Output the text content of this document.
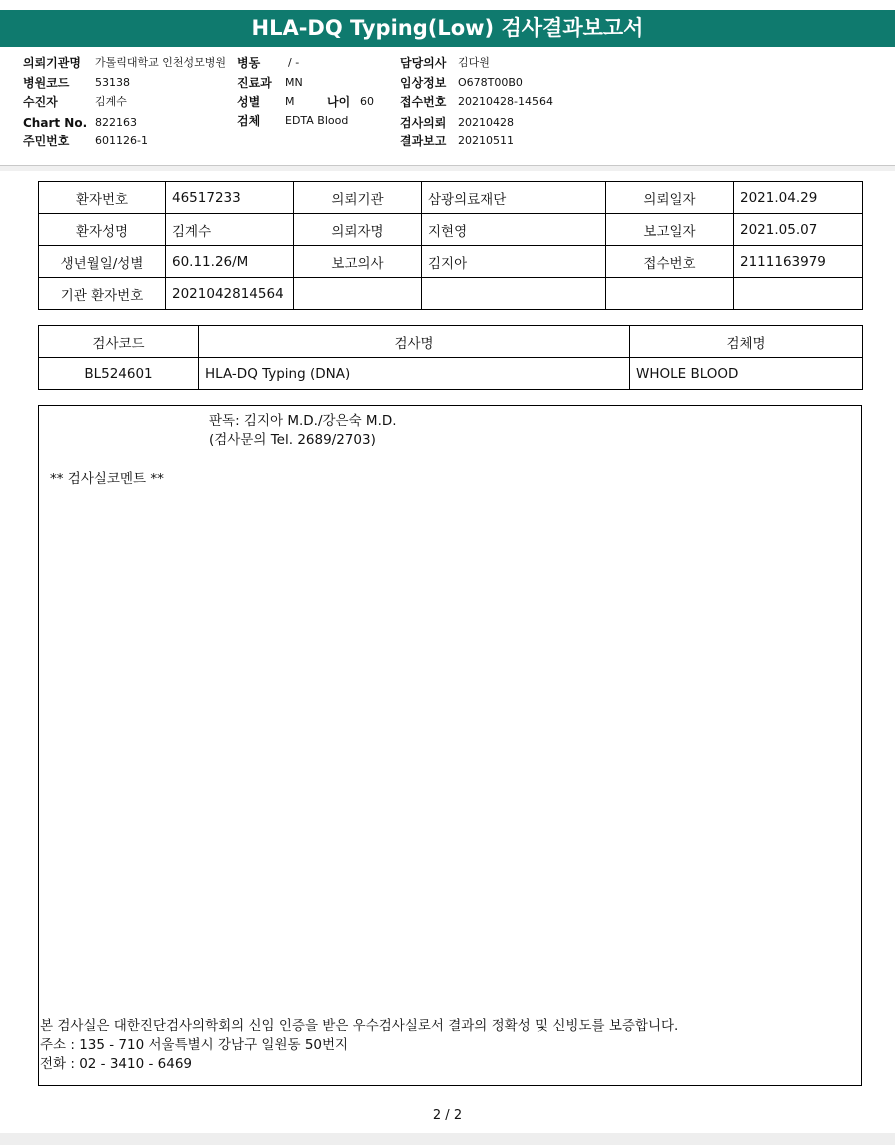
HLA-DQ Typing(Low) 검사결과보고서
의뢰기관명 가톨릭대학교 인천성모병원
병원코드 53138
수진자	김계수
Chart No. 822163
주민번호 601126-1
병동	/ -
진료과 MN
성별 M	나이 60
검체 EDTA Blood
담당의사 김다원
임상정보 O678T00B0
접수번호 20210428-14564
검사의뢰 20210428
결과보고 20210511
환자번호	46517233	의뢰기관	삼광의료재단	의뢰일자	2021.04.29
환자성명	김계수	의뢰자명	지현영	보고일자	2021.05.07
생년월일/성별	60.11.26/M	보고의사	김지아	접수번호	2111163979
기관 환자번호	2021042814564				
검사코드	검사명	검체명
BL524601	HLA-DQ Typing (DNA)	WHOLE BLOOD
판독: 김지아 M.D./강은숙 M.D.
(검사문의 Tel. 2689/2703)
** 검사실코멘트 **
본 검사실은 대한진단검사의학회의 신임 인증을 받은 우수검사실로서 결과의 정확성 및 신빙도를 보증합니다.
주소 : 135 - 710 서울특별시 강남구 일원동 50번지
전화 : 02 - 3410 - 6469
2 / 2
